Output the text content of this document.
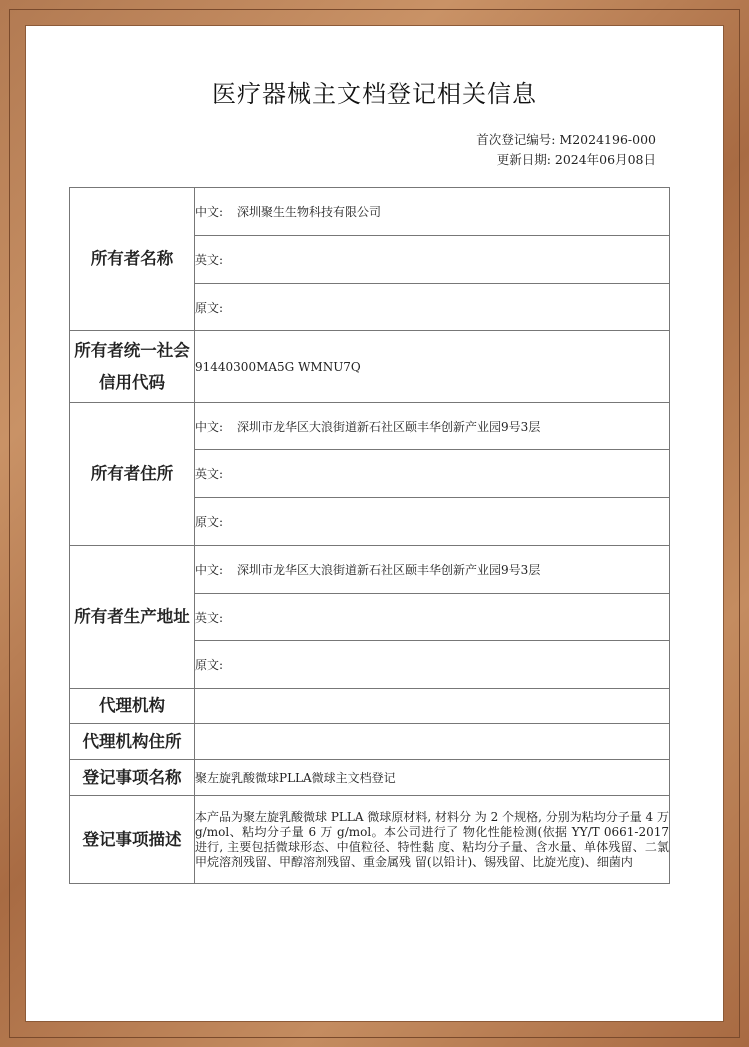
医疗器械主文档登记相关信息
首次登记编号: M2024196-000
更新日期: 2024年06月08日
所有者名称	中文: 深圳聚生生物科技有限公司
	英文:
	原文:
所有者统一社会信用代码	91440300MA5G WMNU7Q
所有者住所	中文: 深圳市龙华区大浪街道新石社区颐丰华创新产业园9号3层
	英文:
	原文:
所有者生产地址	中文: 深圳市龙华区大浪街道新石社区颐丰华创新产业园9号3层
	英文:
	原文:
代理机构	
代理机构住所	
登记事项名称	聚左旋乳酸微球PLLA微球主文档登记
登记事项描述	本产品为聚左旋乳酸微球 PLLA 微球原材料, 材料分 为 2 个规格, 分别为粘均分子量 4 万 g/mol、粘均分子量 6 万 g/mol。本公司进行了 物化性能检测(依据 YY/T 0661-2017 进行, 主要包括微球形态、中值粒径、特性黏 度、粘均分子量、含水量、单体残留、二氯甲烷溶剂残留、甲醇溶剂残留、重金属残 留(以铅计)、锡残留、比旋光度)、细菌内
